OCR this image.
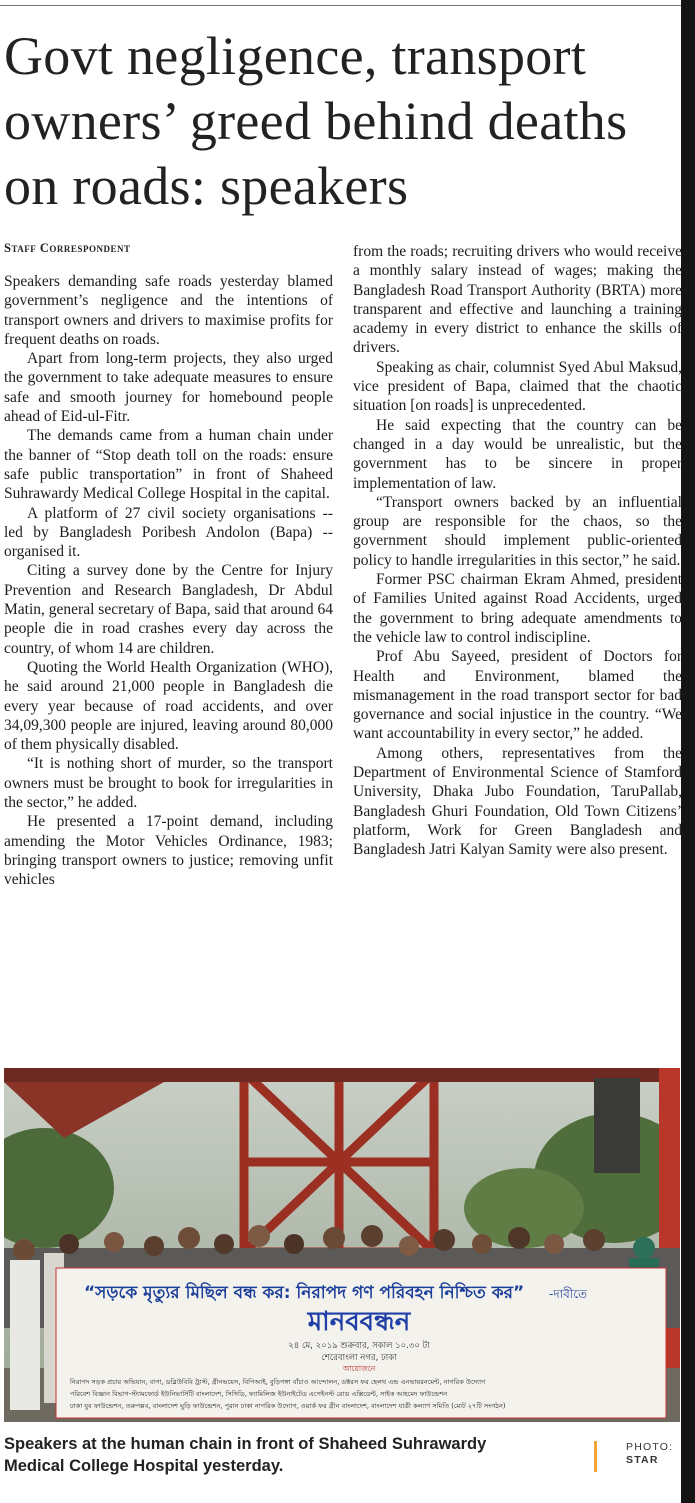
Govt negligence, transport owners’ greed behind deaths on roads: speakers
Staff Correspondent

Speakers demanding safe roads yesterday blamed government’s negligence and the intentions of transport owners and drivers to maximise profits for frequent deaths on roads.

Apart from long-term projects, they also urged the government to take adequate measures to ensure safe and smooth journey for homebound people ahead of Eid-ul-Fitr.

The demands came from a human chain under the banner of “Stop death toll on the roads: ensure safe public transportation” in front of Shaheed Suhrawardy Medical College Hospital in the capital.

A platform of 27 civil society organisations -- led by Bangladesh Poribesh Andolon (Bapa) -- organised it.

Citing a survey done by the Centre for Injury Prevention and Research Bangladesh, Dr Abdul Matin, general secretary of Bapa, said that around 64 people die in road crashes every day across the country, of whom 14 are children.

Quoting the World Health Organization (WHO), he said around 21,000 people in Bangladesh die every year because of road accidents, and over 34,09,300 people are injured, leaving around 80,000 of them physically disabled.

“It is nothing short of murder, so the transport owners must be brought to book for irregularities in the sector,” he added.

He presented a 17-point demand, including amending the Motor Vehicles Ordinance, 1983; bringing transport owners to justice; removing unfit vehicles

from the roads; recruiting drivers who would receive a monthly salary instead of wages; making the Bangladesh Road Transport Authority (BRTA) more transparent and effective and launching a training academy in every district to enhance the skills of drivers.

Speaking as chair, columnist Syed Abul Maksud, vice president of Bapa, claimed that the chaotic situation [on roads] is unprecedented.

He said expecting that the country can be changed in a day would be unrealistic, but the government has to be sincere in proper implementation of law.

“Transport owners backed by an influential group are responsible for the chaos, so the government should implement public-oriented policy to handle irregularities in this sector,” he said.

Former PSC chairman Ekram Ahmed, president of Families United against Road Accidents, urged the government to bring adequate amendments to the vehicle law to control indiscipline.

Prof Abu Sayeed, president of Doctors for Health and Environment, blamed the mismanagement in the road transport sector for bad governance and social injustice in the country. “We want accountability in every sector,” he added.

Among others, representatives from the Department of Environmental Science of Stamford University, Dhaka Jubo Foundation, TaruPallab, Bangladesh Ghuri Foundation, Old Town Citizens’ platform, Work for Green Bangladesh and Bangladesh Jatri Kalyan Samity were also present.

“সড়কে মৃত্যুর মিছিল বন্ধ কর: নিরাপদ গণ পরিবহন নিশ্চিত কর” -দাবীতে
মানববন্ধন
২৪ মে, ২০১৯ শুক্রবার, সকাল ১০.৩০ টা
শেরেবাংলা নগর, ঢাকা
আয়োজনে
নিরাপদ সড়ক প্রচার অভিযান, বাপা, ডব্লিউবিবি ট্রাস্ট, গ্রীনভয়েস, বিপিআই, বুড়িগঙ্গা বাঁচাও আন্দোলন, ডক্টরস ফর হেলথ এন্ড এনভায়রনমেন্ট, নাগরিক উদ্যোগ
পরিবেশ বিজ্ঞান বিভাগ-স্ট্যামফোর্ড ইউনিভার্সিটি বাংলাদেশ, সিসিডি, ফ্যামিলিজ ইউনাইটেড এগেইনস্ট রোড এক্সিডেন্ট, সাইক আহমেদ ফাউন্ডেশন
ঢাকা যুব ফাউন্ডেশন, তরুপল্লব, বাংলাদেশ ঘুড়ি ফাউন্ডেশন, পুরান ঢাকা নাগরিক উদ্যোগ, ওয়ার্ক ফর গ্রীন বাংলাদেশ, বাংলাদেশ যাত্রী কল্যাণ সমিতি (মোট ২৭টি সংগঠন)
Speakers at the human chain in front of Shaheed Suhrawardy Medical College Hospital yesterday.
PHOTO:
STAR
